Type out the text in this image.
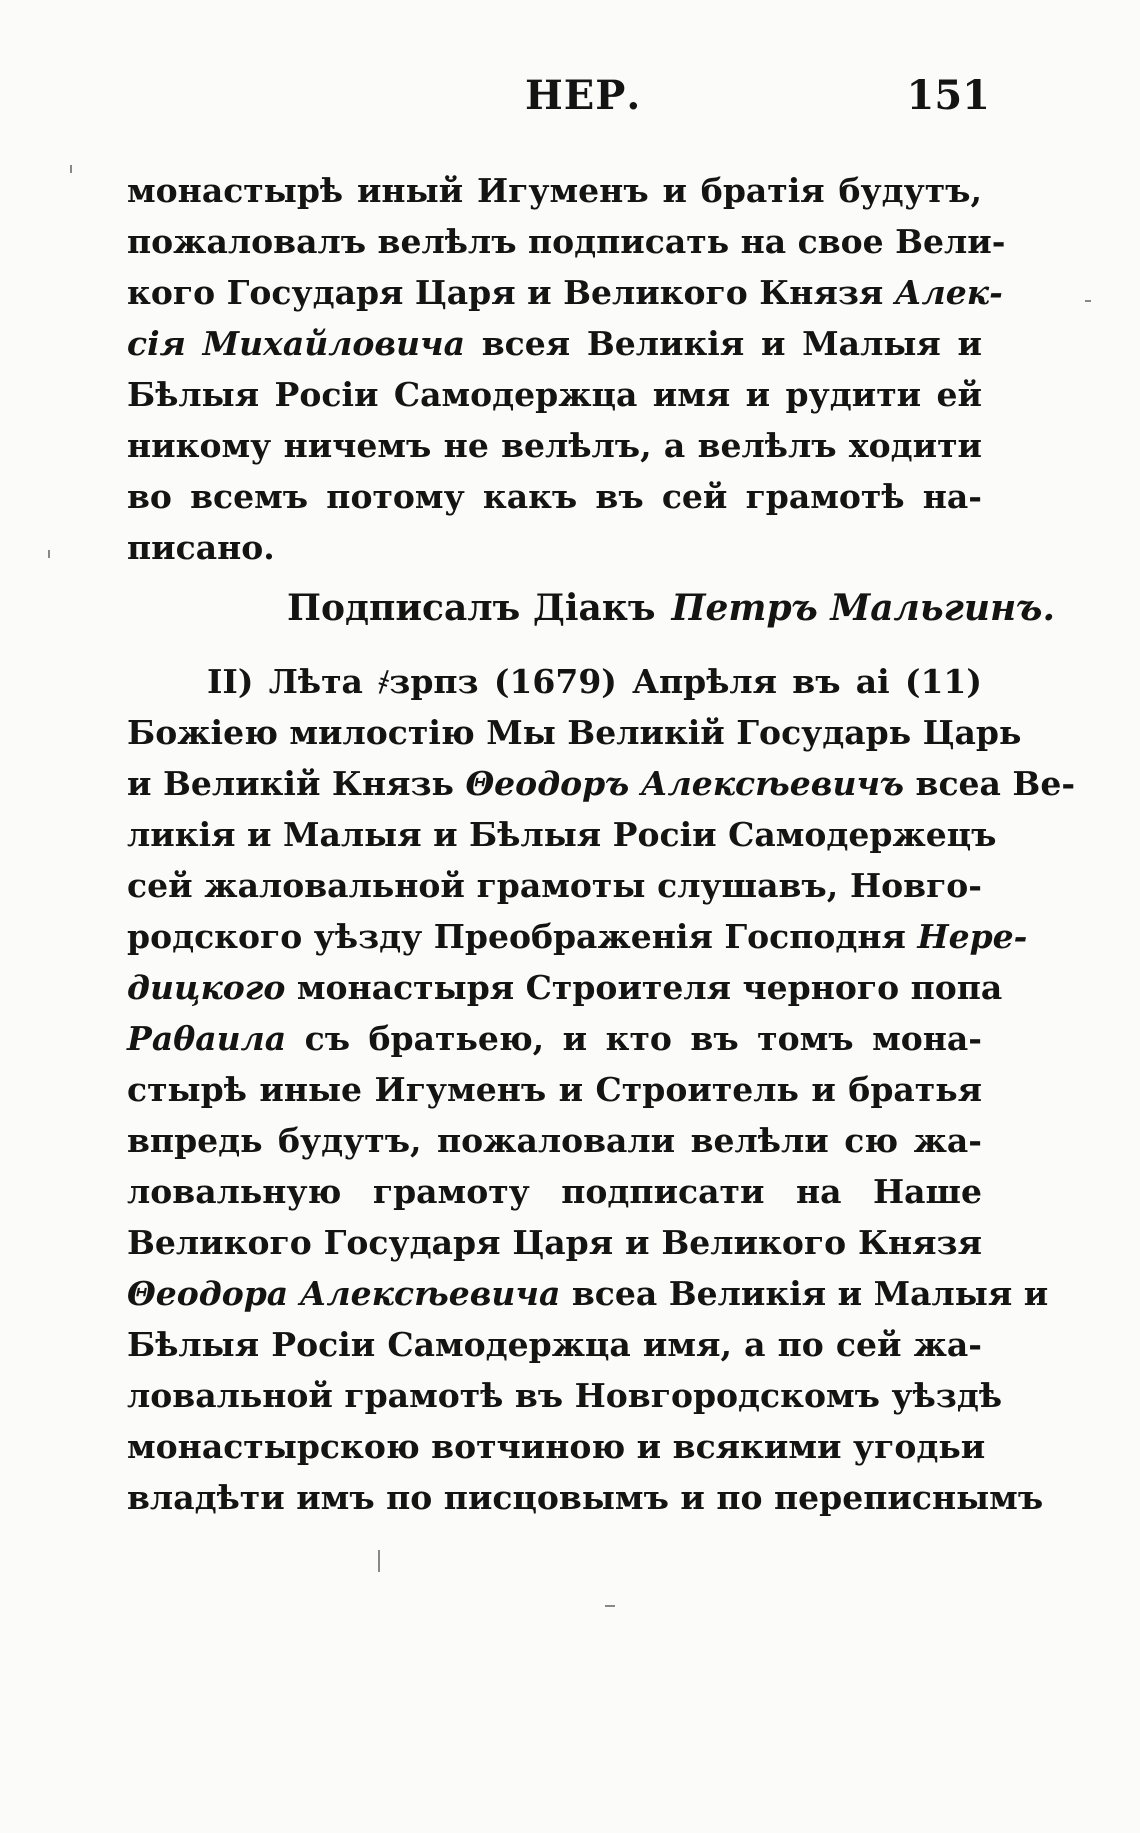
НЕР.	151
монастырѣ иный Игуменъ и братія будутъ,
пожаловалъ велѣлъ подписать на свое Вели-
кого Государя Царя и Великого Князя Алек-
сія Михайловича всея Великія и Малыя и
Бѣлыя Росіи Самодержца имя и рудити ей
никому ничемъ не велѣлъ, а велѣлъ ходити
во всемъ потому какъ въ сей грамотѣ на-
писано.
Подписалъ Діакъ Петръ Мальгинъ.
II) Лѣта ҂зрпз (1679) Апрѣля въ аі (11)
Божіею милостію Мы Великій Государь Царь
и Великій Князь Θеодоръ Алексѣевичъ всеа Ве-
ликія и Малыя и Бѣлыя Росіи Самодержецъ
сей жаловальной грамоты слушавъ, Новго-
родского уѣзду Преображенія Господня Нере-
дицкого монастыря Строителя черного попа
Раθаила съ братьею, и кто въ томъ мона-
стырѣ иные Игуменъ и Строитель и братья
впредь будутъ, пожаловали велѣли сю жа-
ловальную грамоту подписати на Наше
Великого Государя Царя и Великого Князя
Θеодора Алексѣевича всеа Великія и Малыя и
Бѣлыя Росіи Самодержца имя, а по сей жа-
ловальной грамотѣ въ Новгородскомъ уѣздѣ
монастырскою вотчиною и всякими угодьи
владѣти имъ по писцовымъ и по переписнымъ
